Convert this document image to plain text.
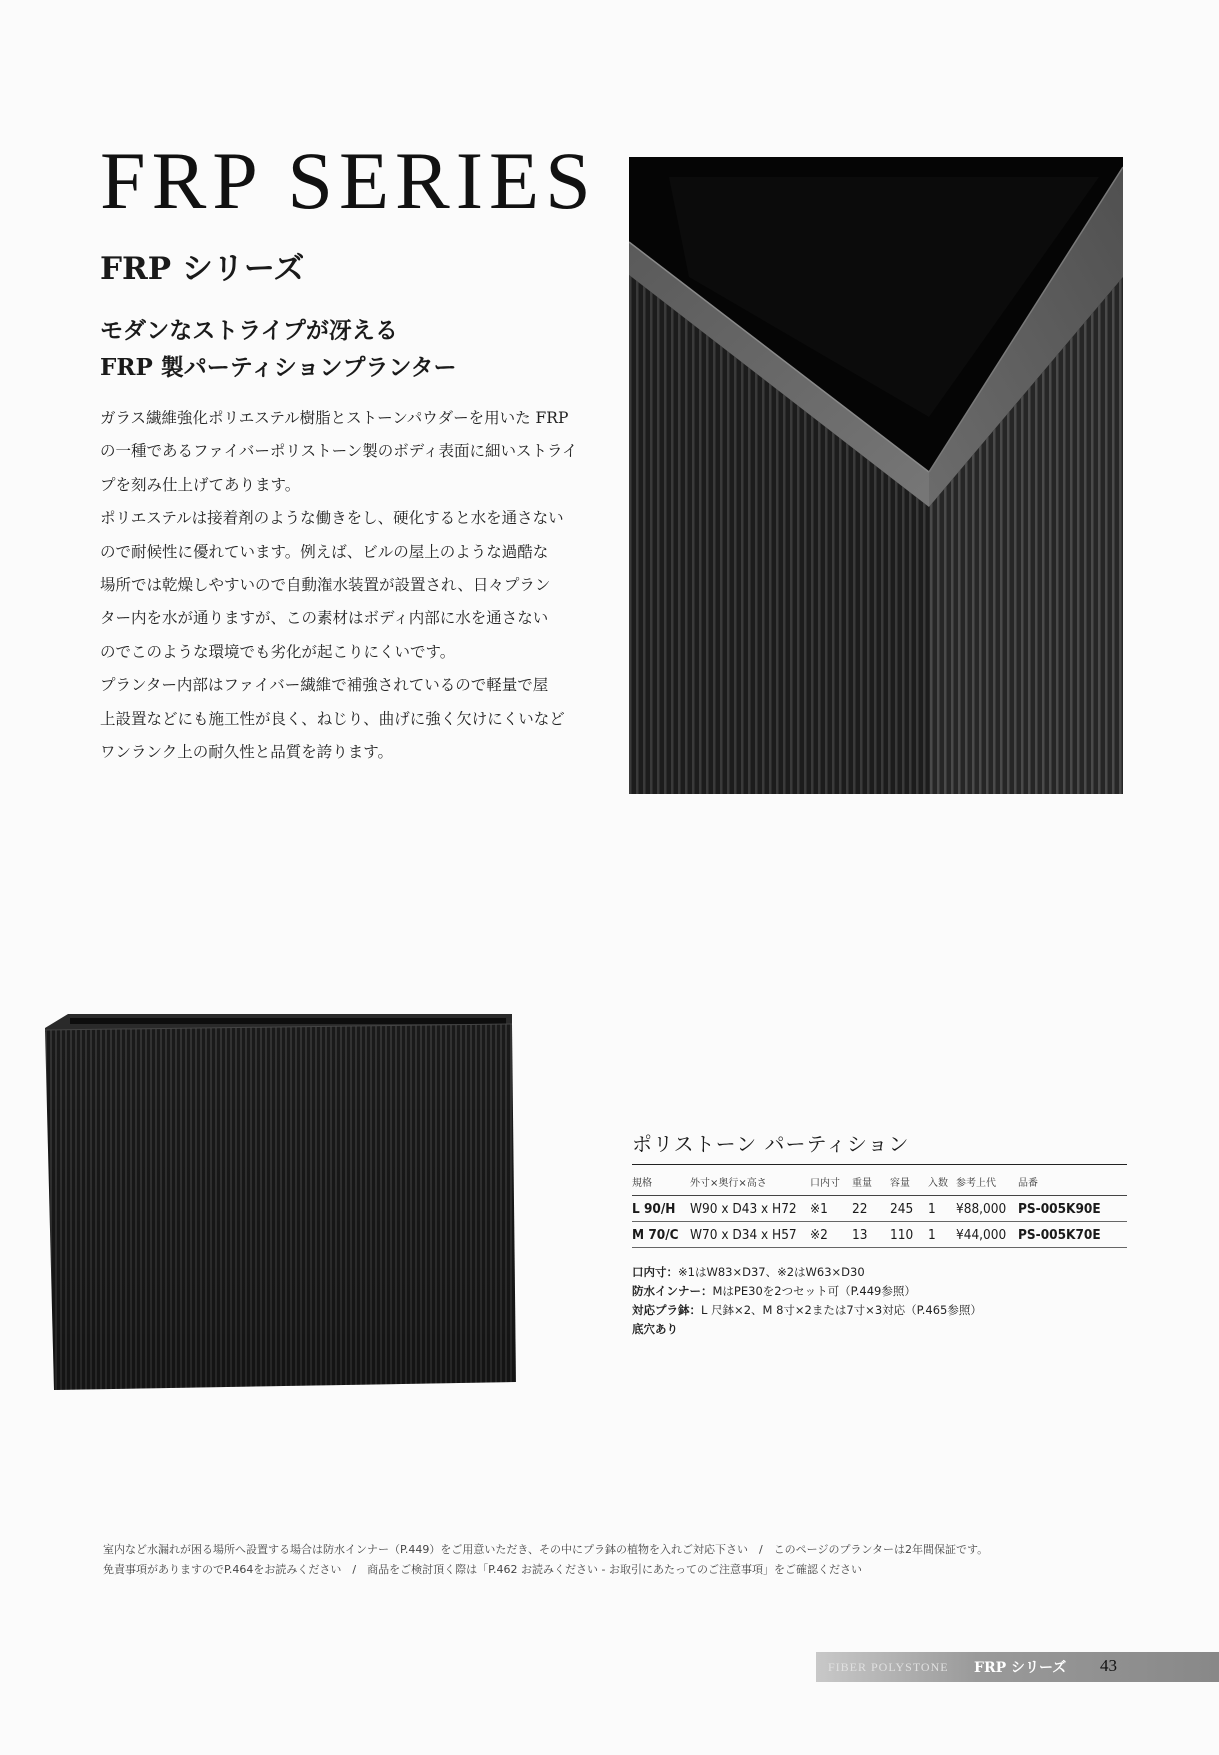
FRP SERIES
FRP シリーズ
モダンなストライプが冴える
FRP 製パーティションプランター
ガラス繊維強化ポリエステル樹脂とストーンパウダーを用いた FRP
の一種であるファイバーポリストーン製のボディ表面に細いストライ
プを刻み仕上げてあります。
ポリエステルは接着剤のような働きをし、硬化すると水を通さない
ので耐候性に優れています。例えば、ビルの屋上のような過酷な
場所では乾燥しやすいので自動潅水装置が設置され、日々プラン
ター内を水が通りますが、この素材はボディ内部に水を通さない
のでこのような環境でも劣化が起こりにくいです。
プランター内部はファイバー繊維で補強されているので軽量で屋
上設置などにも施工性が良く、ねじり、曲げに強く欠けにくいなど
ワンランク上の耐久性と品質を誇ります。
ポリストーン パーティション
規格	外寸×奥行×高さ	口内寸	重量	容量	入数	参考上代	品番
L 90/H	W90 x D43 x H72	※1	22	245	1	¥88,000	PS-005K90E
M 70/C	W70 x D34 x H57	※2	13	110	1	¥44,000	PS-005K70E
口内寸：※1はW83×D37、※2はW63×D30
防水インナー：MはPE30を2つセット可（P.449参照）
対応プラ鉢：L 尺鉢×2、M 8寸×2または7寸×3対応（P.465参照）
底穴あり
室内など水漏れが困る場所へ設置する場合は防水インナー（P.449）をご用意いただき、その中にプラ鉢の植物を入れご対応下さい　/　このページのプランターは2年間保証です。
免責事項がありますのでP.464をお読みください　/　商品をご検討頂く際は「P.462 お読みください - お取引にあたってのご注意事項」をご確認ください
FIBER POLYSTONE FRP シリーズ 43
